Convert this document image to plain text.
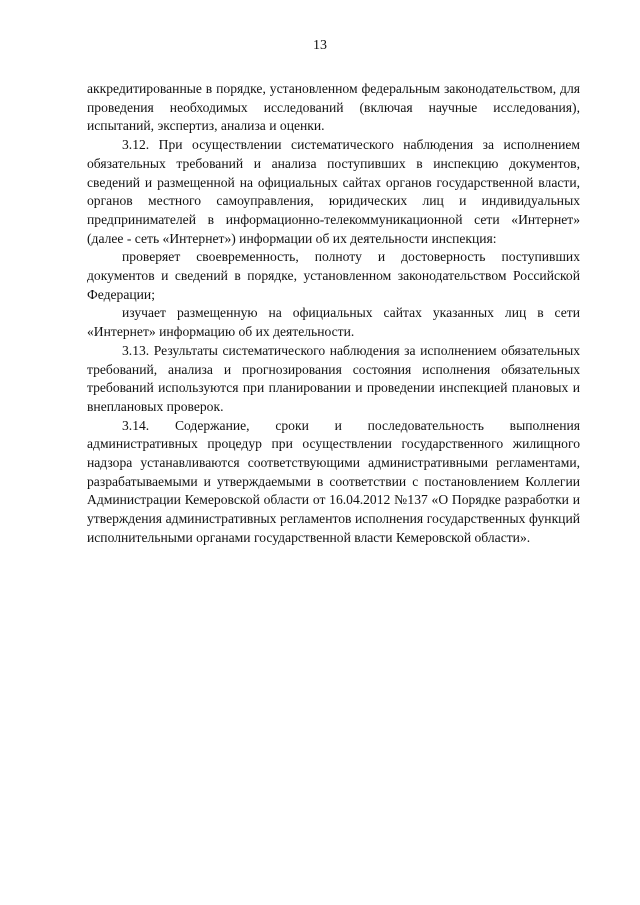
13

аккредитированные в порядке, установленном федеральным законодательством, для проведения необходимых исследований (включая научные исследования), испытаний, экспертиз, анализа и оценки.

3.12. При осуществлении систематического наблюдения за исполнением обязательных требований и анализа поступивших в инспекцию документов, сведений и размещенной на официальных сайтах органов государственной власти, органов местного самоуправления, юридических лиц и индивидуальных предпринимателей в информационно-телекоммуникационной сети «Интернет» (далее - сеть «Интернет») информации об их деятельности инспекция:

проверяет своевременность, полноту и достоверность поступивших документов и сведений в порядке, установленном законодательством Российской Федерации;

изучает размещенную на официальных сайтах указанных лиц в сети «Интернет» информацию об их деятельности.

3.13. Результаты систематического наблюдения за исполнением обязательных требований, анализа и прогнозирования состояния исполнения обязательных требований используются при планировании и проведении инспекцией плановых и внеплановых проверок.

3.14. Содержание, сроки и последовательность выполнения административных процедур при осуществлении государственного жилищного надзора устанавливаются соответствующими административными регламентами, разрабатываемыми и утверждаемыми в соответствии с постановлением Коллегии Администрации Кемеровской области от 16.04.2012 №137 «О Порядке разработки и утверждения административных регламентов исполнения государственных функций исполнительными органами государственной власти Кемеровской области».
